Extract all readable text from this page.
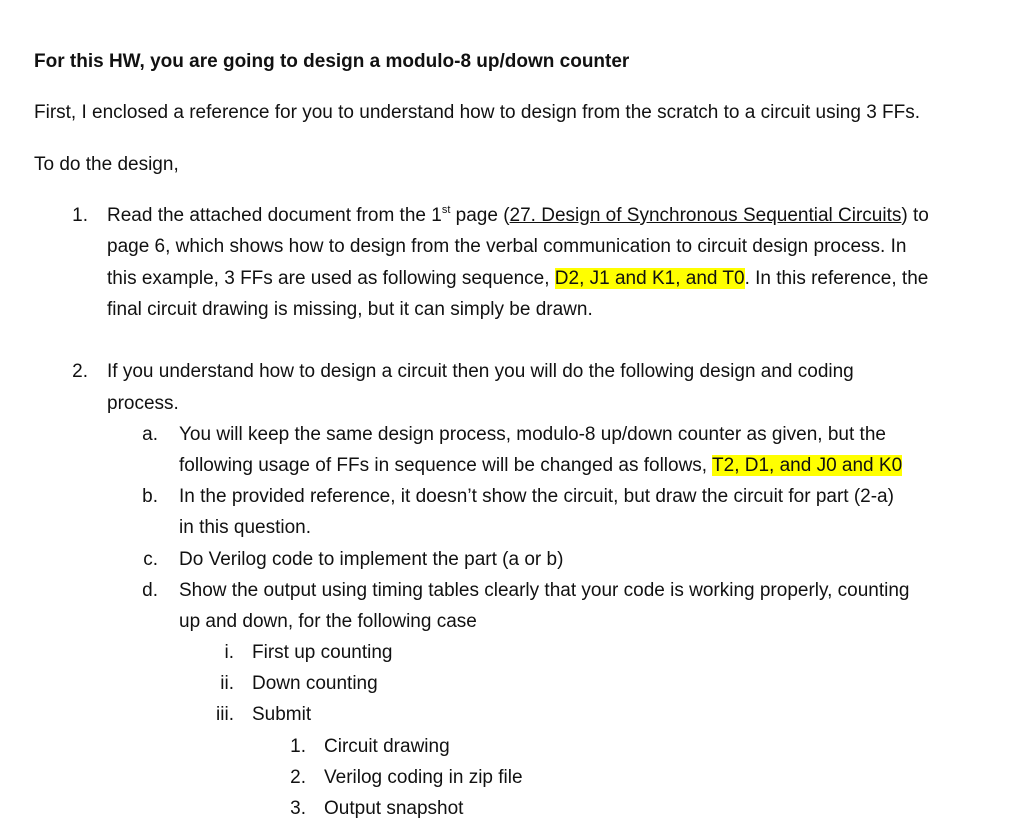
For this HW, you are going to design a modulo-8 up/down counter
First, I enclosed a reference for you to understand how to design from the scratch to a circuit using 3 FFs.
To do the design,
1. Read the attached document from the 1st page (27. Design of Synchronous Sequential Circuits) to
page 6, which shows how to design from the verbal communication to circuit design process. In
this example, 3 FFs are used as following sequence, D2, J1 and K1, and T0. In this reference, the
final circuit drawing is missing, but it can simply be drawn.
2. If you understand how to design a circuit then you will do the following design and coding
process.
a. You will keep the same design process, modulo-8 up/down counter as given, but the
following usage of FFs in sequence will be changed as follows, T2, D1, and J0 and K0
b. In the provided reference, it doesn’t show the circuit, but draw the circuit for part (2-a)
in this question.
c. Do Verilog code to implement the part (a or b)
d. Show the output using timing tables clearly that your code is working properly, counting
up and down, for the following case
i. First up counting
ii. Down counting
iii. Submit
1. Circuit drawing
2. Verilog coding in zip file
3. Output snapshot
